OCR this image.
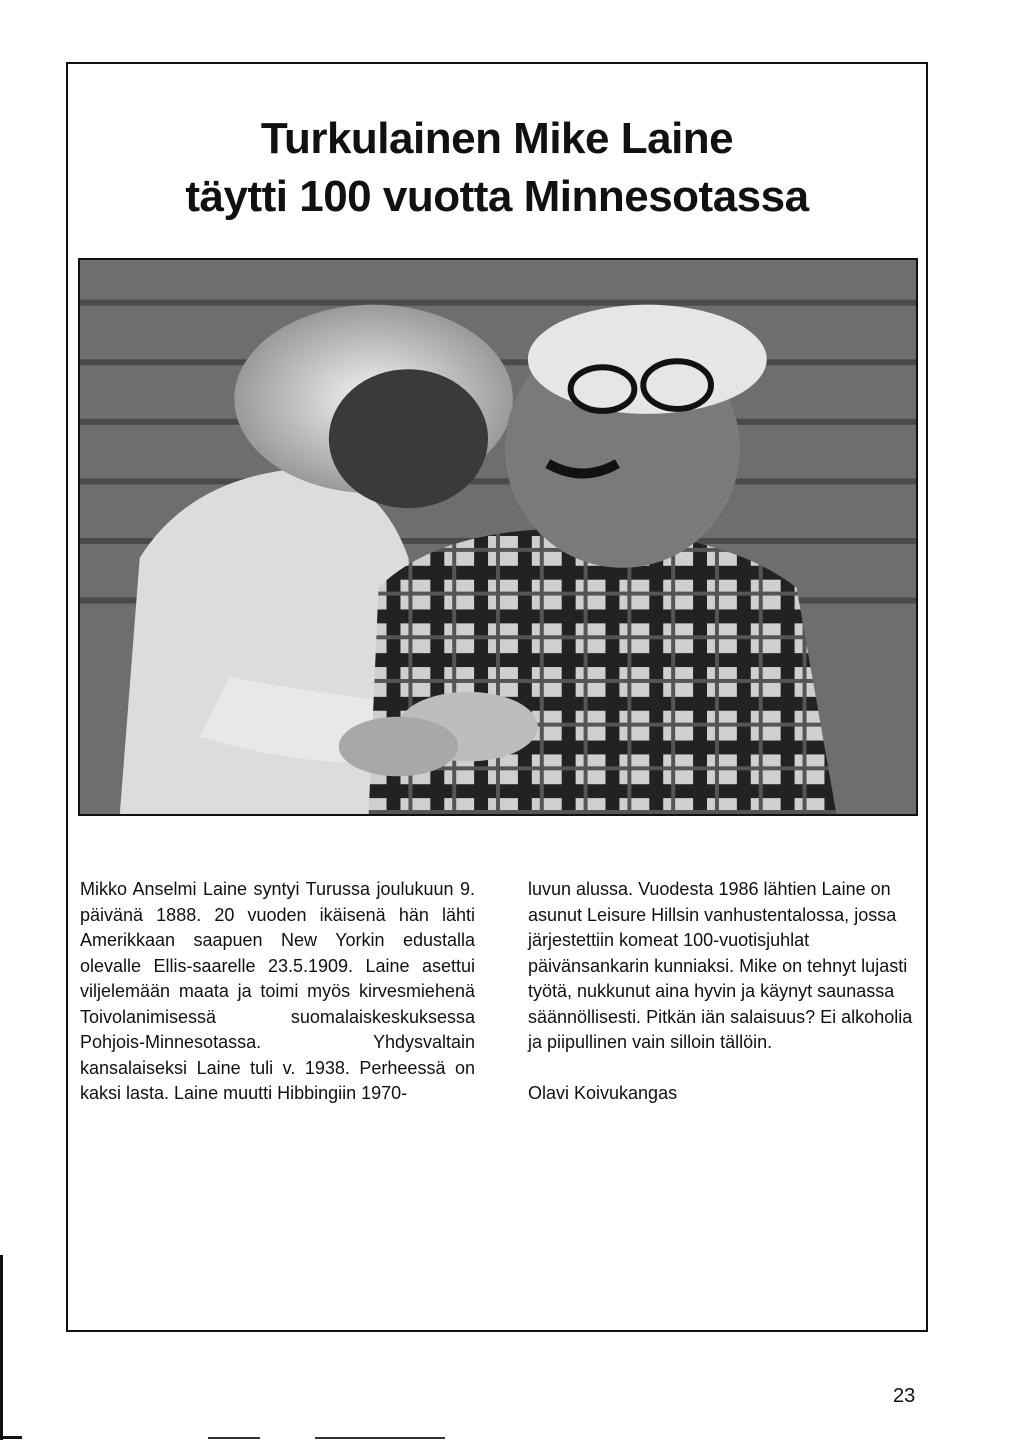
Turkulainen Mike Laine
täytti 100 vuotta Minnesotassa

Mikko Anselmi Laine syntyi Turussa joulukuun 9. päivänä 1888. 20 vuoden ikäisenä hän lähti Amerikkaan saapuen New Yorkin edustalla olevalle Ellis-saarelle 23.5.1909. Laine asettui viljelemään maata ja toimi myös kirvesmiehenä Toivolanimisessä suomalaiskeskuksessa Pohjois-Minnesotassa. Yhdysvaltain kansalaiseksi Laine tuli v. 1938. Perheessä on kaksi lasta. Laine muutti Hibbingiin 1970-

luvun alussa. Vuodesta 1986 lähtien Laine on asunut Leisure Hillsin vanhustentalossa, jossa järjestettiin komeat 100-vuotisjuhlat päivänsankarin kunniaksi. Mike on tehnyt lujasti työtä, nukkunut aina hyvin ja käynyt saunassa säännöllisesti. Pitkän iän salaisuus? Ei alkoholia ja piipullinen vain silloin tällöin.

Olavi Koivukangas

23
